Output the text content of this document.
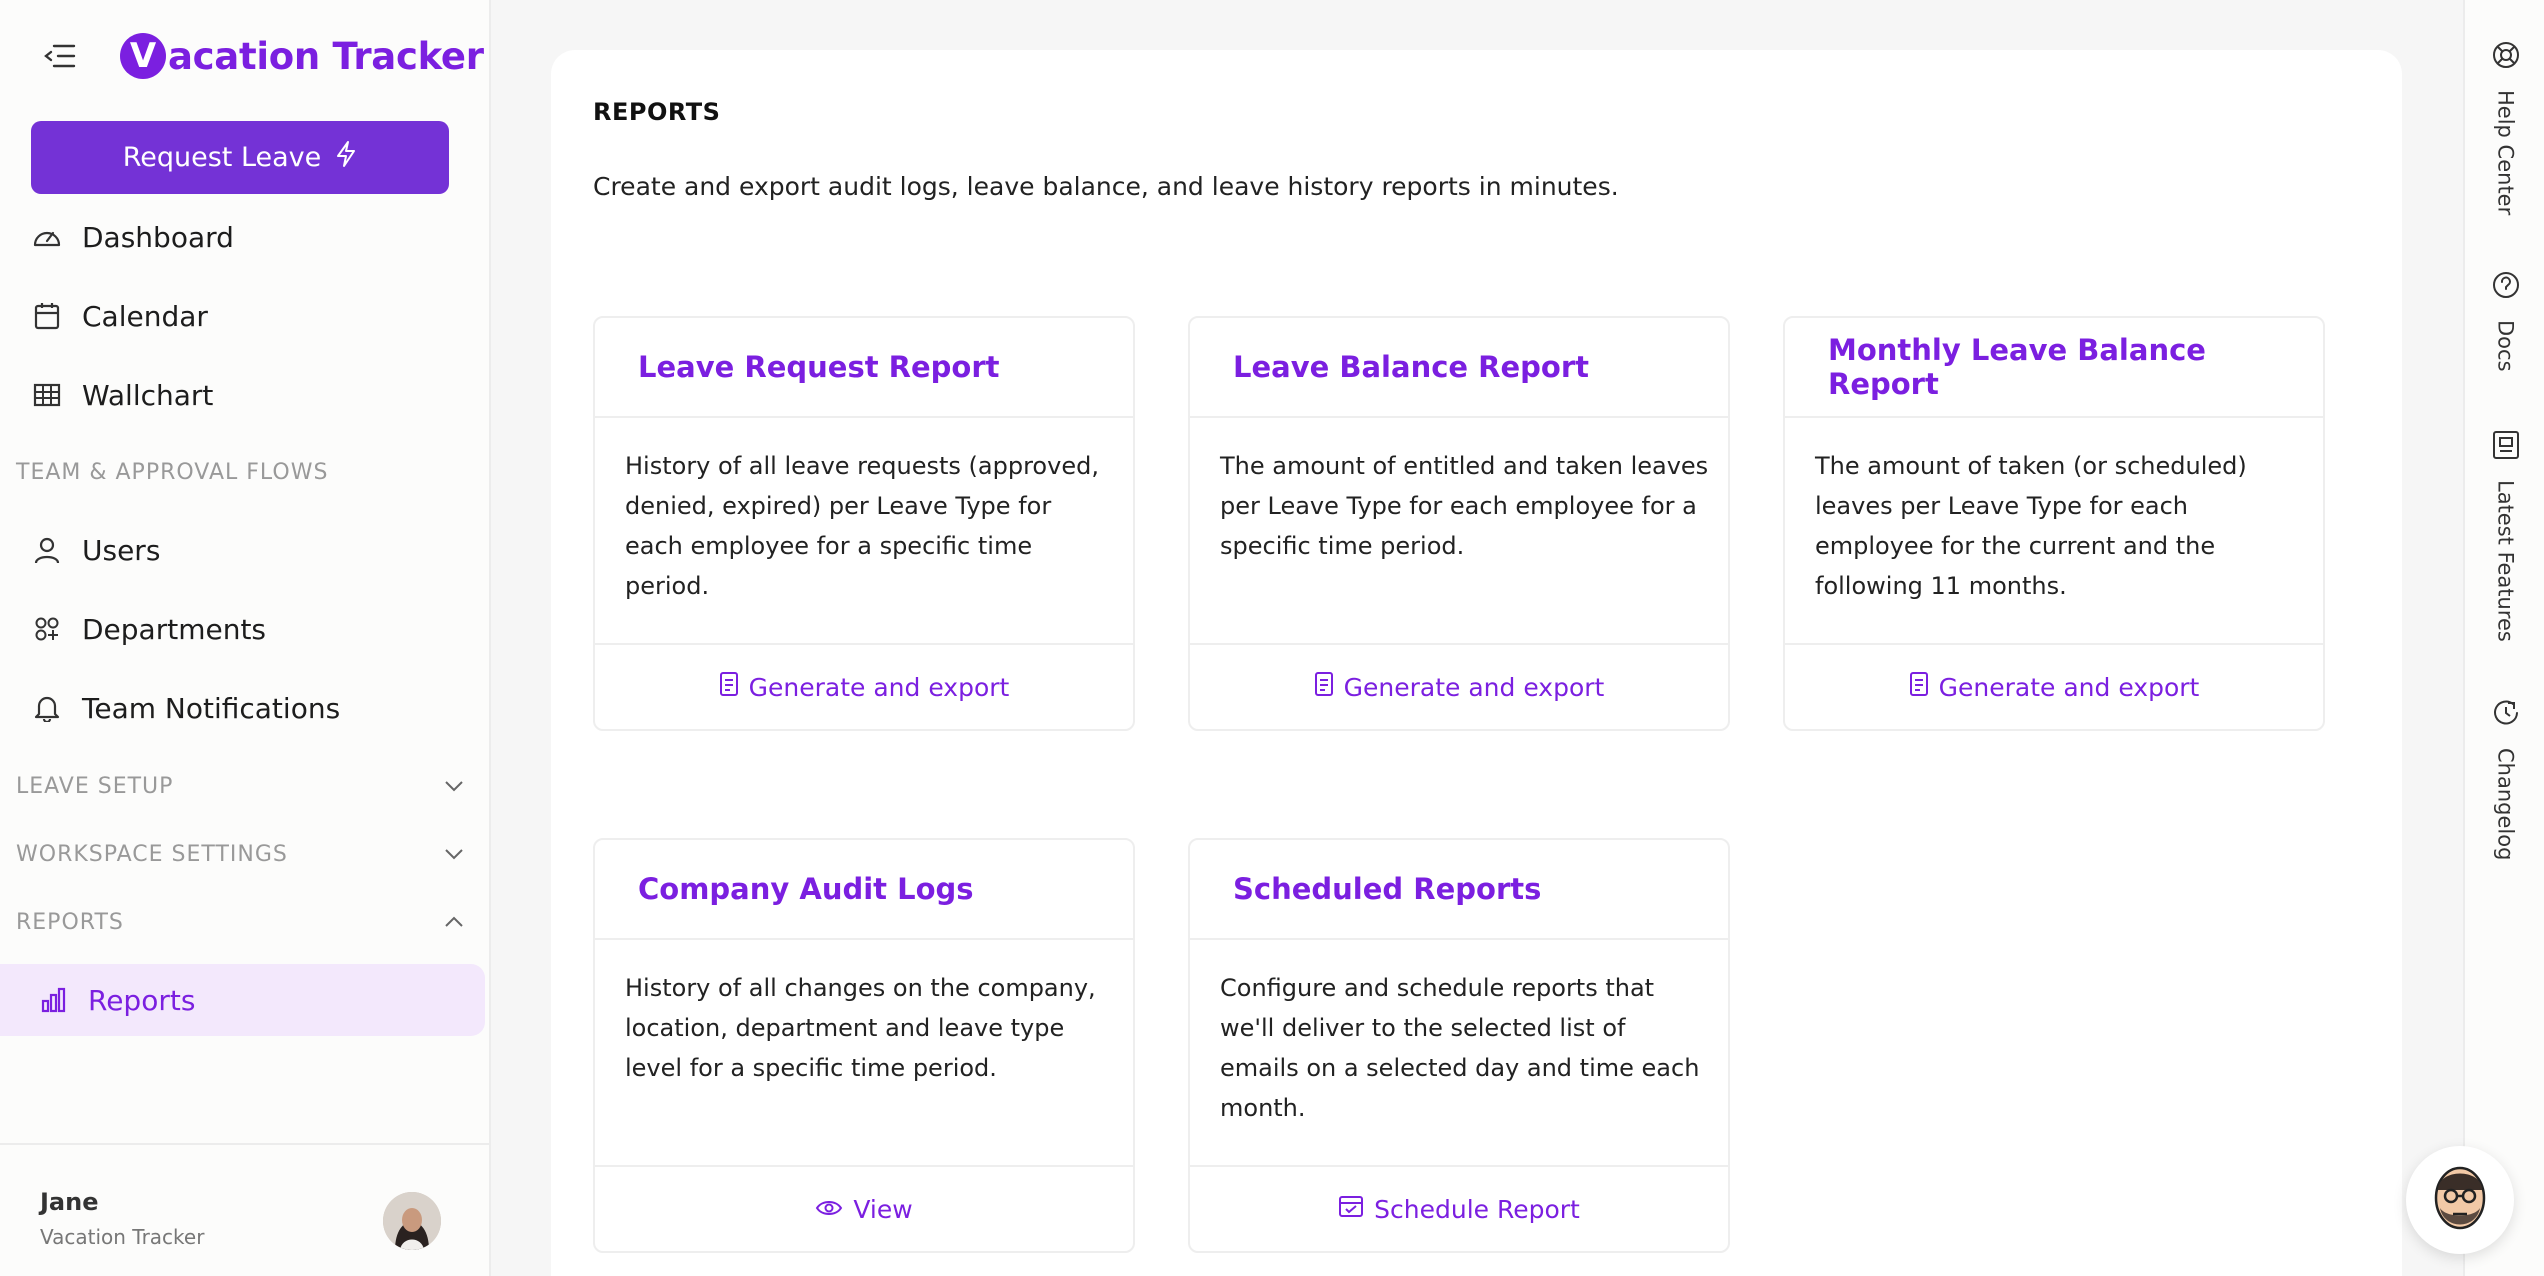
V acation Tracker
Request Leave
Dashboard
Calendar
Wallchart
TEAM & APPROVAL FLOWS
Users
Departments
Team Notifications
LEAVE SETUP
WORKSPACE SETTINGS
REPORTS
Reports
Jane
Vacation Tracker
REPORTS

Create and export audit logs, leave balance, and leave history reports in minutes.

Leave Request Report
History of all leave requests (approved, denied, expired) per Leave Type for each employee for a specific time period.
Generate and export
Leave Balance Report
The amount of entitled and taken leaves per Leave Type for each employee for a specific time period.
Generate and export
Monthly Leave Balance Report
The amount of taken (or scheduled) leaves per Leave Type for each employee for the current and the following 11 months.
Generate and export
Company Audit Logs
History of all changes on the company, location, department and leave type level for a specific time period.
View
Scheduled Reports
Configure and schedule reports that we'll deliver to the selected list of emails on a selected day and time each month.
Schedule Report
Help Center
Docs
Latest Features
Changelog
